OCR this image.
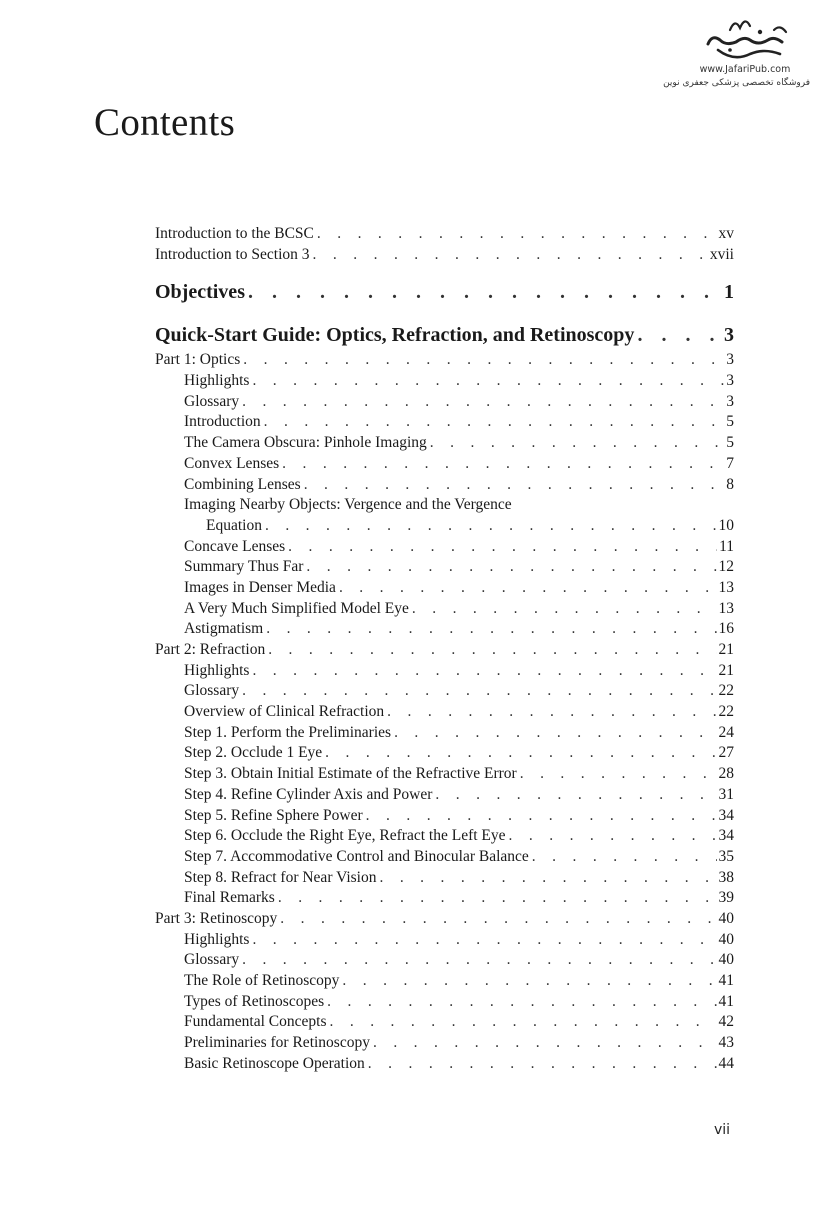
www.JafariPub.com
فروشگاه تخصصی پزشکی جعفری نوین
Contents
Introduction to the BCSC . . .	xv
Introduction to Section 3 . . .	xvii
Objectives . . .	1
Quick-Start Guide: Optics, Refraction, and Retinoscopy . . .	3
Part 1: Optics . . .	3
Highlights . . .	3
Glossary . . .	3
Introduction . . .	5
The Camera Obscura: Pinhole Imaging . . .	5
Convex Lenses . . .	7
Combining Lenses . . .	8
Imaging Nearby Objects: Vergence and the Vergence
Equation . . .	10
Concave Lenses . . .	11
Summary Thus Far . . .	12
Images in Denser Media . . .	13
A Very Much Simplified Model Eye . . .	13
Astigmatism . . .	16
Part 2: Refraction . . .	21
Highlights . . .	21
Glossary . . .	22
Overview of Clinical Refraction . . .	22
Step 1. Perform the Preliminaries . . .	24
Step 2. Occlude 1 Eye . . .	27
Step 3. Obtain Initial Estimate of the Refractive Error . . .	28
Step 4. Refine Cylinder Axis and Power . . .	31
Step 5. Refine Sphere Power . . .	34
Step 6. Occlude the Right Eye, Refract the Left Eye . . .	34
Step 7. Accommodative Control and Binocular Balance . . .	35
Step 8. Refract for Near Vision . . .	38
Final Remarks . . .	39
Part 3: Retinoscopy . . .	40
Highlights . . .	40
Glossary . . .	40
The Role of Retinoscopy . . .	41
Types of Retinoscopes . . .	41
Fundamental Concepts . . .	42
Preliminaries for Retinoscopy . . .	43
Basic Retinoscope Operation . . .	44
vii
